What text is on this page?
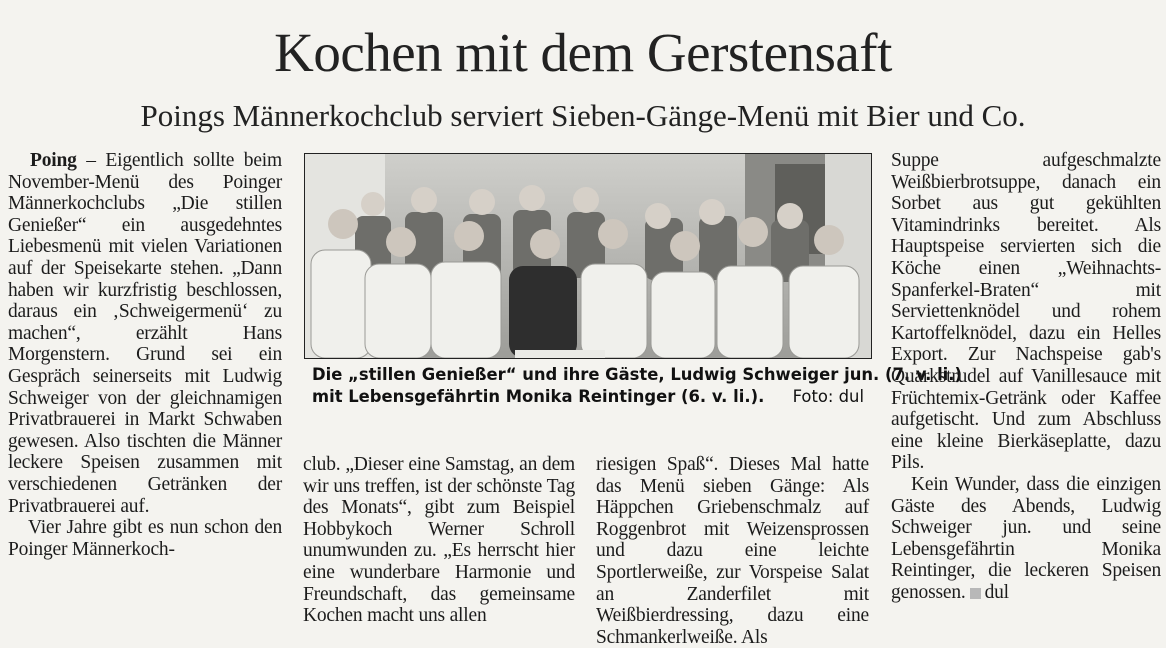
Kochen mit dem Gerstensaft
Poings Männerkochclub serviert Sieben-Gänge-Menü mit Bier und Co.

Poing – Eigentlich sollte beim November-Menü des Poinger Männerkochclubs „Die stillen Genießer“ ein ausgedehntes Liebesmenü mit vielen Variationen auf der Speisekarte stehen. „Dann haben wir kurzfristig beschlossen, daraus ein ‚Schweigermenü‘ zu machen“, erzählt Hans Morgenstern. Grund sei ein Gespräch seinerseits mit Ludwig Schweiger von der gleichnamigen Privatbrauerei in Markt Schwaben gewesen. Also tischten die Männer leckere Speisen zusammen mit verschiedenen Getränken der Privatbrauerei auf.

Vier Jahre gibt es nun schon den Poinger Männerkoch-

Die „stillen Genießer“ und ihre Gäste, Ludwig Schweiger jun. (7. v. li.)
mit Lebensgefährtin Monika Reintinger (6. v. li.).	Foto: dul

club. „Dieser eine Samstag, an dem wir uns treffen, ist der schönste Tag des Monats“, gibt zum Beispiel Hobbykoch Werner Schroll unumwunden zu. „Es herrscht hier eine wunderbare Harmonie und Freundschaft, das gemeinsame Kochen macht uns allen

riesigen Spaß“. Dieses Mal hatte das Menü sieben Gänge: Als Häppchen Griebenschmalz auf Roggenbrot mit Weizensprossen und dazu eine leichte Sportlerweiße, zur Vorspeise Salat an Zanderfilet mit Weißbierdressing, dazu eine Schmankerlweiße. Als

Suppe aufgeschmalzte Weißbierbrotsuppe, danach ein Sorbet aus gut gekühlten Vitamindrinks bereitet. Als Hauptspeise servierten sich die Köche einen „Weihnachts-Spanferkel-Braten“ mit Serviettenknödel und rohem Kartoffelknödel, dazu ein Helles Export. Zur Nachspeise gab's Quarkstrudel auf Vanillesauce mit Früchtemix-Getränk oder Kaffee aufgetischt. Und zum Abschluss eine kleine Bierkäseplatte, dazu Pils.

Kein Wunder, dass die einzigen Gäste des Abends, Ludwig Schweiger jun. und seine Lebensgefährtin Monika Reintinger, die leckeren Speisen genossen. dul
